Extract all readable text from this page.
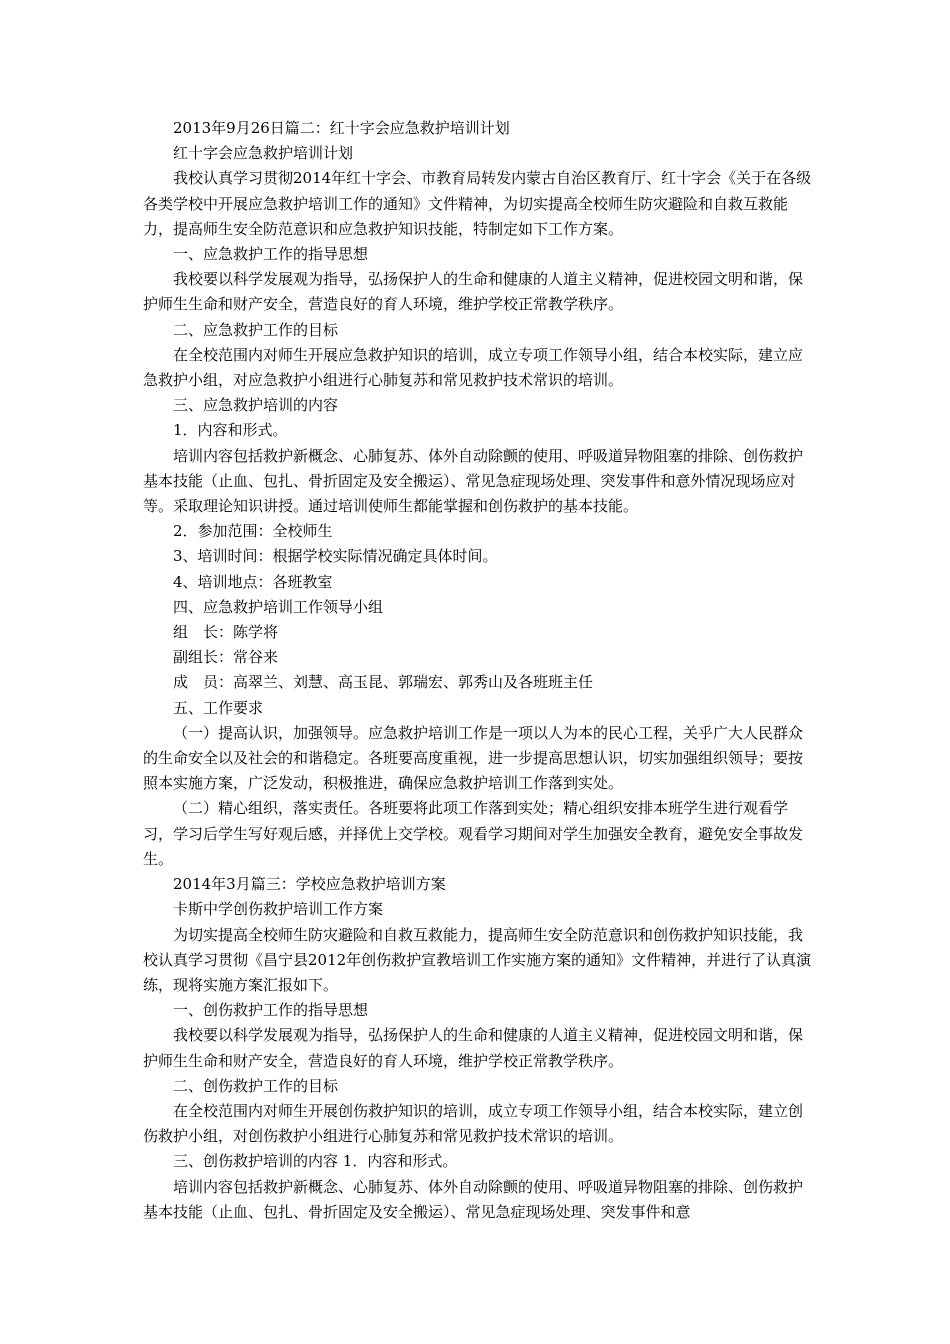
2013年9月26日篇二：红十字会应急救护培训计划

红十字会应急救护培训计划

我校认真学习贯彻2014年红十字会、市教育局转发内蒙古自治区教育厅、红十字会《关于在各级各类学校中开展应急救护培训工作的通知》文件精神，为切实提高全校师生防灾避险和自救互救能力，提高师生安全防范意识和应急救护知识技能，特制定如下工作方案。

一、应急救护工作的指导思想

我校要以科学发展观为指导，弘扬保护人的生命和健康的人道主义精神，促进校园文明和谐，保护师生生命和财产安全，营造良好的育人环境，维护学校正常教学秩序。

二、应急救护工作的目标

在全校范围内对师生开展应急救护知识的培训，成立专项工作领导小组，结合本校实际，建立应急救护小组，对应急救护小组进行心肺复苏和常见救护技术常识的培训。

三、应急救护培训的内容

1．内容和形式。

培训内容包括救护新概念、心肺复苏、体外自动除颤的使用、呼吸道异物阻塞的排除、创伤救护基本技能（止血、包扎、骨折固定及安全搬运）、常见急症现场处理、突发事件和意外情况现场应对等。采取理论知识讲授。通过培训使师生都能掌握和创伤救护的基本技能。

2．参加范围：全校师生

3、培训时间：根据学校实际情况确定具体时间。

4、培训地点：各班教室

四、应急救护培训工作领导小组

组　长：陈学将

副组长：常谷来

成　员：高翠兰、刘慧、高玉昆、郭瑞宏、郭秀山及各班班主任

五、工作要求

（一）提高认识，加强领导。应急救护培训工作是一项以人为本的民心工程，关乎广大人民群众的生命安全以及社会的和谐稳定。各班要高度重视，进一步提高思想认识，切实加强组织领导；要按照本实施方案，广泛发动，积极推进，确保应急救护培训工作落到实处。

（二）精心组织，落实责任。各班要将此项工作落到实处；精心组织安排本班学生进行观看学习，学习后学生写好观后感，并择优上交学校。观看学习期间对学生加强安全教育，避免安全事故发生。

2014年3月篇三：学校应急救护培训方案

卡斯中学创伤救护培训工作方案

为切实提高全校师生防灾避险和自救互救能力，提高师生安全防范意识和创伤救护知识技能，我校认真学习贯彻《昌宁县2012年创伤救护宣教培训工作实施方案的通知》文件精神，并进行了认真演练，现将实施方案汇报如下。

一、创伤救护工作的指导思想

我校要以科学发展观为指导，弘扬保护人的生命和健康的人道主义精神，促进校园文明和谐，保护师生生命和财产安全，营造良好的育人环境，维护学校正常教学秩序。

二、创伤救护工作的目标

在全校范围内对师生开展创伤救护知识的培训，成立专项工作领导小组，结合本校实际，建立创伤救护小组，对创伤救护小组进行心肺复苏和常见救护技术常识的培训。

三、创伤救护培训的内容 1．内容和形式。

培训内容包括救护新概念、心肺复苏、体外自动除颤的使用、呼吸道异物阻塞的排除、创伤救护基本技能（止血、包扎、骨折固定及安全搬运）、常见急症现场处理、突发事件和意
